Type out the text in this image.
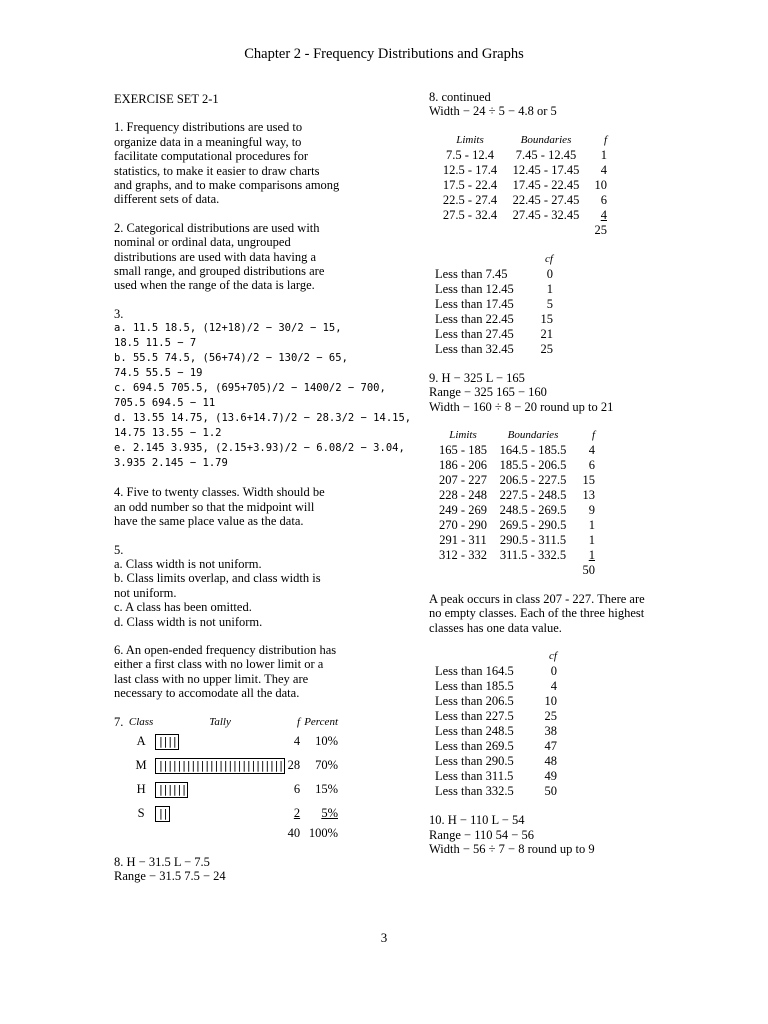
Chapter 2 - Frequency Distributions and Graphs
EXERCISE SET 2-1
1. Frequency distributions are used to
organize data in a meaningful way, to
facilitate computational procedures for
statistics, to make it easier to draw charts
and graphs, and to make comparisons among
different sets of data.
2. Categorical distributions are used with
nominal or ordinal data, ungrouped
distributions are used with data having a
small range, and grouped distributions are
used when the range of the data is large.
3.
a. 11.5 18.5, (12+18)/2 − 30/2 − 15,
18.5 11.5 − 7
b. 55.5 74.5, (56+74)/2 − 130/2 − 65,
74.5 55.5 − 19
c. 694.5 705.5, (695+705)/2 − 1400/2 − 700,
705.5 694.5 − 11
d. 13.55 14.75, (13.6+14.7)/2 − 28.3/2 − 14.15,
14.75 13.55 − 1.2
e. 2.145 3.935, (2.15+3.93)/2 − 6.08/2 − 3.04,
3.935 2.145 − 1.79
4. Five to twenty classes. Width should be
an odd number so that the midpoint will
have the same place value as the data.
5.
a. Class width is not uniform.
b. Class limits overlap, and class width is
not uniform.
c. A class has been omitted.
d. Class width is not uniform.
6. An open-ended frequency distribution has
either a first class with no lower limit or a
last class with no upper limit. They are
necessary to accomodate all the data.
7.	Class	Tally	f	Percent
	A	||||	4	10%
	M	|||||||||||||||||||||||||||	28	70%
	H	||||||	6	15%
	S	||	2	5%
			40	100%
8. H − 31.5 L − 7.5
Range − 31.5 7.5 − 24
8. continued
Width − 24 ÷ 5 − 4.8 or 5
Limits	Boundaries	f
7.5 - 12.4	7.45 - 12.45	1
12.5 - 17.4	12.45 - 17.45	4
17.5 - 22.4	17.45 - 22.45	10
22.5 - 27.4	22.45 - 27.45	6
27.5 - 32.4	27.45 - 32.45	4
		25
	cf
Less than 7.45	0
Less than 12.45	1
Less than 17.45	5
Less than 22.45	15
Less than 27.45	21
Less than 32.45	25
9. H − 325 L − 165
Range − 325 165 − 160
Width − 160 ÷ 8 − 20 round up to 21
Limits	Boundaries	f
165 - 185	164.5 - 185.5	4
186 - 206	185.5 - 206.5	6
207 - 227	206.5 - 227.5	15
228 - 248	227.5 - 248.5	13
249 - 269	248.5 - 269.5	9
270 - 290	269.5 - 290.5	1
291 - 311	290.5 - 311.5	1
312 - 332	311.5 - 332.5	1
		50
A peak occurs in class 207 - 227. There are
no empty classes. Each of the three highest
classes has one data value.
	cf
Less than 164.5	0
Less than 185.5	4
Less than 206.5	10
Less than 227.5	25
Less than 248.5	38
Less than 269.5	47
Less than 290.5	48
Less than 311.5	49
Less than 332.5	50
10. H − 110 L − 54
Range − 110 54 − 56
Width − 56 ÷ 7 − 8 round up to 9
3
